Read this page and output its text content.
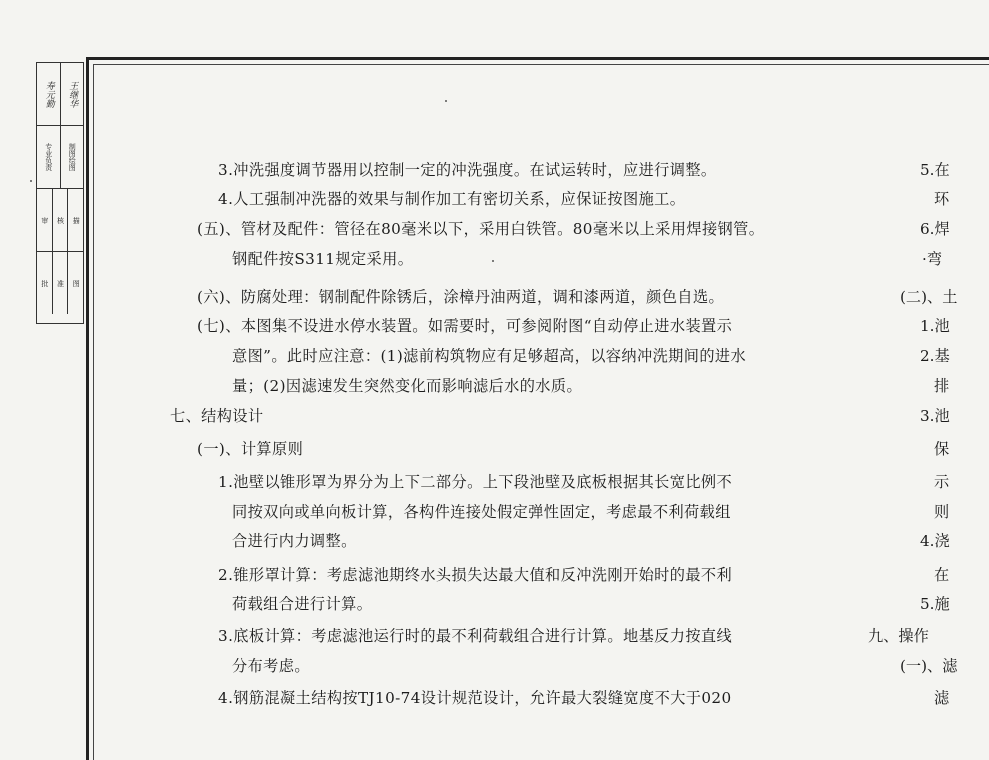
寿元勤	王继华
专业负责	制图绘图
审	核	描
批	准	图
3.冲洗强度调节器用以控制一定的冲洗强度。在试运转时，应进行调整。
4.人工强制冲洗器的效果与制作加工有密切关系，应保证按图施工。
(五)、管材及配件：管径在80毫米以下，采用白铁管。80毫米以上采用焊接钢管。
钢配件按S311规定采用。
(六)、防腐处理：钢制配件除锈后，涂樟丹油两道，调和漆两道，颜色自选。
(七)、本图集不设进水停水装置。如需要时，可参阅附图“自动停止进水装置示
意图”。此时应注意：(1)滤前构筑物应有足够超高，以容纳冲洗期间的进水
量；(2)因滤速发生突然变化而影响滤后水的水质。
七、结构设计
(一)、计算原则
1.池壁以锥形罩为界分为上下二部分。上下段池壁及底板根据其长宽比例不
同按双向或单向板计算，各构件连接处假定弹性固定，考虑最不利荷载组
合进行内力调整。
2.锥形罩计算：考虑滤池期终水头损失达最大值和反冲洗刚开始时的最不利
荷载组合进行计算。
3.底板计算：考虑滤池运行时的最不利荷载组合进行计算。地基反力按直线
分布考虑。
4.钢筋混凝土结构按TJ10-74设计规范设计，允许最大裂缝宽度不大于020
5.在
环
6.焊
·弯
(二)、土
1.池
2.基
排
3.池
保
示
则
4.浇
在
5.施
九、操作
(一)、滤
滤
